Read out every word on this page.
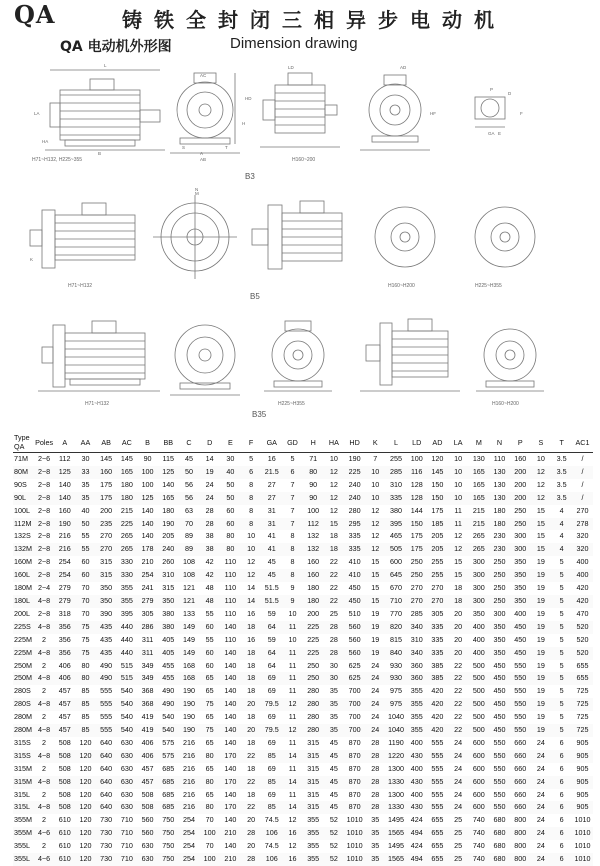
QA	铸铁全封闭三相异步电动机
QA 电动机外形图	Dimension drawing
H71~H132, H225~355	H160~200
B3
H71~H132	H160~H200	H225~H355
B5
H71~H132	H225~H355	H160~H200
B35
L
AC
HD
AB
A
B
HA
H
LD	AD
HF
P
N
M
K
D
E
F
GA
S	T
LA
Type
QA	Poles	A	AA	AB	AC	B	BB	C	D	E	F	GA	GD	H	HA	HD	K	L	LD	AD	LA	M	N	P	S	T	AC1
71M	2~6	112	30	145	145	90	115	45	14	30	5	16	5	71	10	190	7	255	100	120	10	130	110	160	10	3.5	/
80M	2~8	125	33	160	165	100	125	50	19	40	6	21.5	6	80	12	225	10	285	116	145	10	165	130	200	12	3.5	/
90S	2~8	140	35	175	180	100	140	56	24	50	8	27	7	90	12	240	10	310	128	150	10	165	130	200	12	3.5	/
90L	2~8	140	35	175	180	125	165	56	24	50	8	27	7	90	12	240	10	335	128	150	10	165	130	200	12	3.5	/
100L	2~8	160	40	200	215	140	180	63	28	60	8	31	7	100	12	280	12	380	144	175	11	215	180	250	15	4	270
112M	2~8	190	50	235	225	140	190	70	28	60	8	31	7	112	15	295	12	395	150	185	11	215	180	250	15	4	278
132S	2~8	216	55	270	265	140	205	89	38	80	10	41	8	132	18	335	12	465	175	205	12	265	230	300	15	4	320
132M	2~8	216	55	270	265	178	240	89	38	80	10	41	8	132	18	335	12	505	175	205	12	265	230	300	15	4	320
160M	2~8	254	60	315	330	210	260	108	42	110	12	45	8	160	22	410	15	600	250	255	15	300	250	350	19	5	400
160L	2~8	254	60	315	330	254	310	108	42	110	12	45	8	160	22	410	15	645	250	255	15	300	250	350	19	5	400
180M	2~4	279	70	350	355	241	315	121	48	110	14	51.5	9	180	22	450	15	670	270	270	18	300	250	350	19	5	420
180L	4~8	279	70	350	355	279	350	121	48	110	14	51.5	9	180	22	450	15	710	270	270	18	300	250	350	19	5	420
200L	2~8	318	70	390	395	305	380	133	55	110	16	59	10	200	25	510	19	770	285	305	20	350	300	400	19	5	470
225S	4~8	356	75	435	440	286	380	149	60	140	18	64	11	225	28	560	19	820	340	335	20	400	350	450	19	5	520
225M	2	356	75	435	440	311	405	149	55	110	16	59	10	225	28	560	19	815	310	335	20	400	350	450	19	5	520
225M	4~8	356	75	435	440	311	405	149	60	140	18	64	11	225	28	560	19	840	340	335	20	400	350	450	19	5	520
250M	2	406	80	490	515	349	455	168	60	140	18	64	11	250	30	625	24	930	360	385	22	500	450	550	19	5	655
250M	4~8	406	80	490	515	349	455	168	65	140	18	69	11	250	30	625	24	930	360	385	22	500	450	550	19	5	655
280S	2	457	85	555	540	368	490	190	65	140	18	69	11	280	35	700	24	975	355	420	22	500	450	550	19	5	725
280S	4~8	457	85	555	540	368	490	190	75	140	20	79.5	12	280	35	700	24	975	355	420	22	500	450	550	19	5	725
280M	2	457	85	555	540	419	540	190	65	140	18	69	11	280	35	700	24	1040	355	420	22	500	450	550	19	5	725
280M	4~8	457	85	555	540	419	540	190	75	140	20	79.5	12	280	35	700	24	1040	355	420	22	500	450	550	19	5	725
315S	2	508	120	640	630	406	575	216	65	140	18	69	11	315	45	870	28	1190	400	555	24	600	550	660	24	6	905
315S	4~8	508	120	640	630	406	575	216	80	170	22	85	14	315	45	870	28	1220	430	555	24	600	550	660	24	6	905
315M	2	508	120	640	630	457	685	216	65	140	18	69	11	315	45	870	28	1300	400	555	24	600	550	660	24	6	905
315M	4~8	508	120	640	630	457	685	216	80	170	22	85	14	315	45	870	28	1330	430	555	24	600	550	660	24	6	905
315L	2	508	120	640	630	508	685	216	65	140	18	69	11	315	45	870	28	1300	400	555	24	600	550	660	24	6	905
315L	4~8	508	120	640	630	508	685	216	80	170	22	85	14	315	45	870	28	1330	430	555	24	600	550	660	24	6	905
355M	2	610	120	730	710	560	750	254	70	140	20	74.5	12	355	52	1010	35	1495	424	655	25	740	680	800	24	6	1010
355M	4~6	610	120	730	710	560	750	254	100	210	28	106	16	355	52	1010	35	1565	494	655	25	740	680	800	24	6	1010
355L	2	610	120	730	710	630	750	254	70	140	20	74.5	12	355	52	1010	35	1495	424	655	25	740	680	800	24	6	1010
355L	4~6	610	120	730	710	630	750	254	100	210	28	106	16	355	52	1010	35	1565	494	655	25	740	680	800	24	6	1010
